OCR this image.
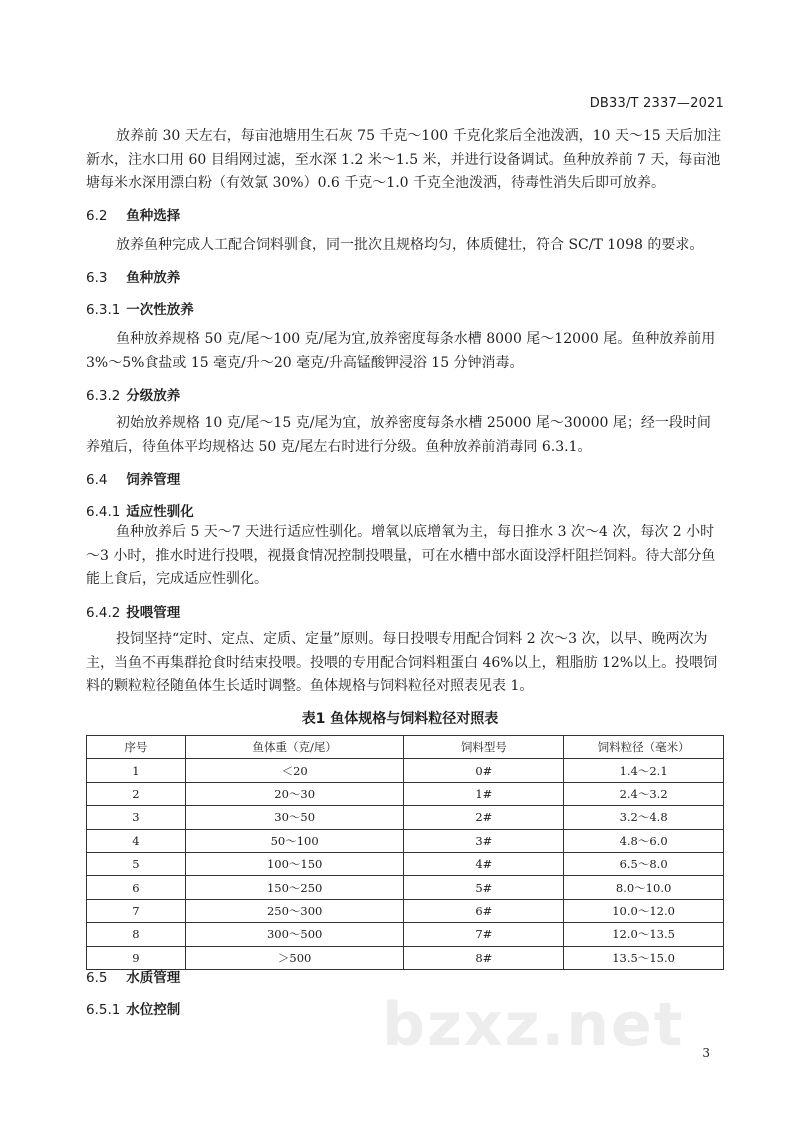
DB33/T 2337—2021

放养前 30 天左右，每亩池塘用生石灰 75 千克～100 千克化浆后全池泼洒，10 天～15 天后加注新水，注水口用 60 目绢网过滤，至水深 1.2 米～1.5 米，并进行设备调试。鱼种放养前 7 天，每亩池塘每米水深用漂白粉（有效氯 30%）0.6 千克～1.0 千克全池泼洒，待毒性消失后即可放养。

6.2 鱼种选择

放养鱼种完成人工配合饲料驯食，同一批次且规格均匀，体质健壮，符合 SC/T 1098 的要求。

6.3 鱼种放养
6.3.1 一次性放养

鱼种放养规格 50 克/尾～100 克/尾为宜,放养密度每条水槽 8000 尾～12000 尾。鱼种放养前用 3%～5%食盐或 15 毫克/升～20 毫克/升高锰酸钾浸浴 15 分钟消毒。

6.3.2 分级放养

初始放养规格 10 克/尾～15 克/尾为宜，放养密度每条水槽 25000 尾～30000 尾；经一段时间养殖后，待鱼体平均规格达 50 克/尾左右时进行分级。鱼种放养前消毒同 6.3.1。

6.4 饲养管理
6.4.1 适应性驯化

鱼种放养后 5 天～7 天进行适应性驯化。增氧以底增氧为主，每日推水 3 次～4 次，每次 2 小时～3 小时，推水时进行投喂，视摄食情况控制投喂量，可在水槽中部水面设浮杆阻拦饲料。待大部分鱼能上食后，完成适应性驯化。

6.4.2 投喂管理

投饲坚持“定时、定点、定质、定量”原则。每日投喂专用配合饲料 2 次～3 次，以早、晚两次为主，当鱼不再集群抢食时结束投喂。投喂的专用配合饲料粗蛋白 46%以上，粗脂肪 12%以上。投喂饲料的颗粒粒径随鱼体生长适时调整。鱼体规格与饲料粒径对照表见表 1。

表1 鱼体规格与饲料粒径对照表
序号	鱼体重（克/尾）	饲料型号	饲料粒径（毫米）
1	＜20	0#	1.4～2.1
2	20～30	1#	2.4～3.2
3	30～50	2#	3.2～4.8
4	50～100	3#	4.8～6.0
5	100～150	4#	6.5～8.0
6	150～250	5#	8.0～10.0
7	250～300	6#	10.0～12.0
8	300～500	7#	12.0～13.5
9	＞500	8#	13.5～15.0
6.5 水质管理
6.5.1 水位控制	bzxz.net 3
